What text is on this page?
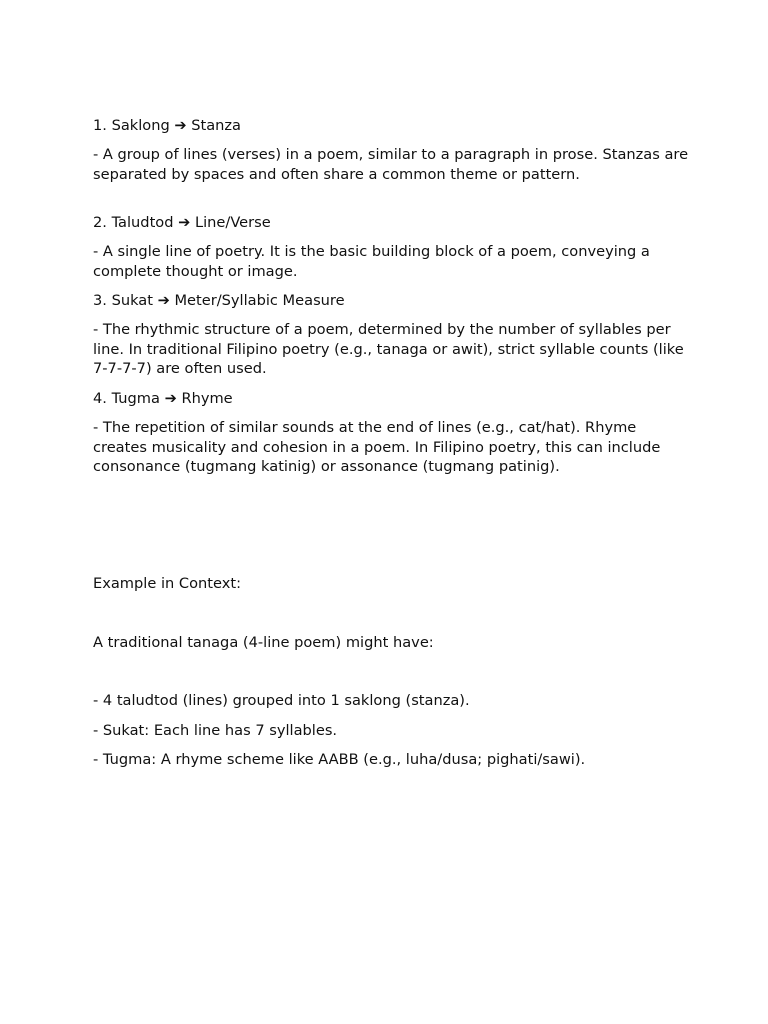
1. Saklong ➔ Stanza

- A group of lines (verses) in a poem, similar to a paragraph in prose. Stanzas are separated by spaces and often share a common theme or pattern.

2. Taludtod ➔ Line/Verse

- A single line of poetry. It is the basic building block of a poem, conveying a complete thought or image.

3. Sukat ➔ Meter/Syllabic Measure

- The rhythmic structure of a poem, determined by the number of syllables per line. In traditional Filipino poetry (e.g., tanaga or awit), strict syllable counts (like 7-7-7-7) are often used.

4. Tugma ➔ Rhyme

- The repetition of similar sounds at the end of lines (e.g., cat/hat). Rhyme creates musicality and cohesion in a poem. In Filipino poetry, this can include consonance (tugmang katinig) or assonance (tugmang patinig).

Example in Context:

A traditional tanaga (4-line poem) might have:

- 4 taludtod (lines) grouped into 1 saklong (stanza).

- Sukat: Each line has 7 syllables.

- Tugma: A rhyme scheme like AABB (e.g., luha/dusa; pighati/sawi).
